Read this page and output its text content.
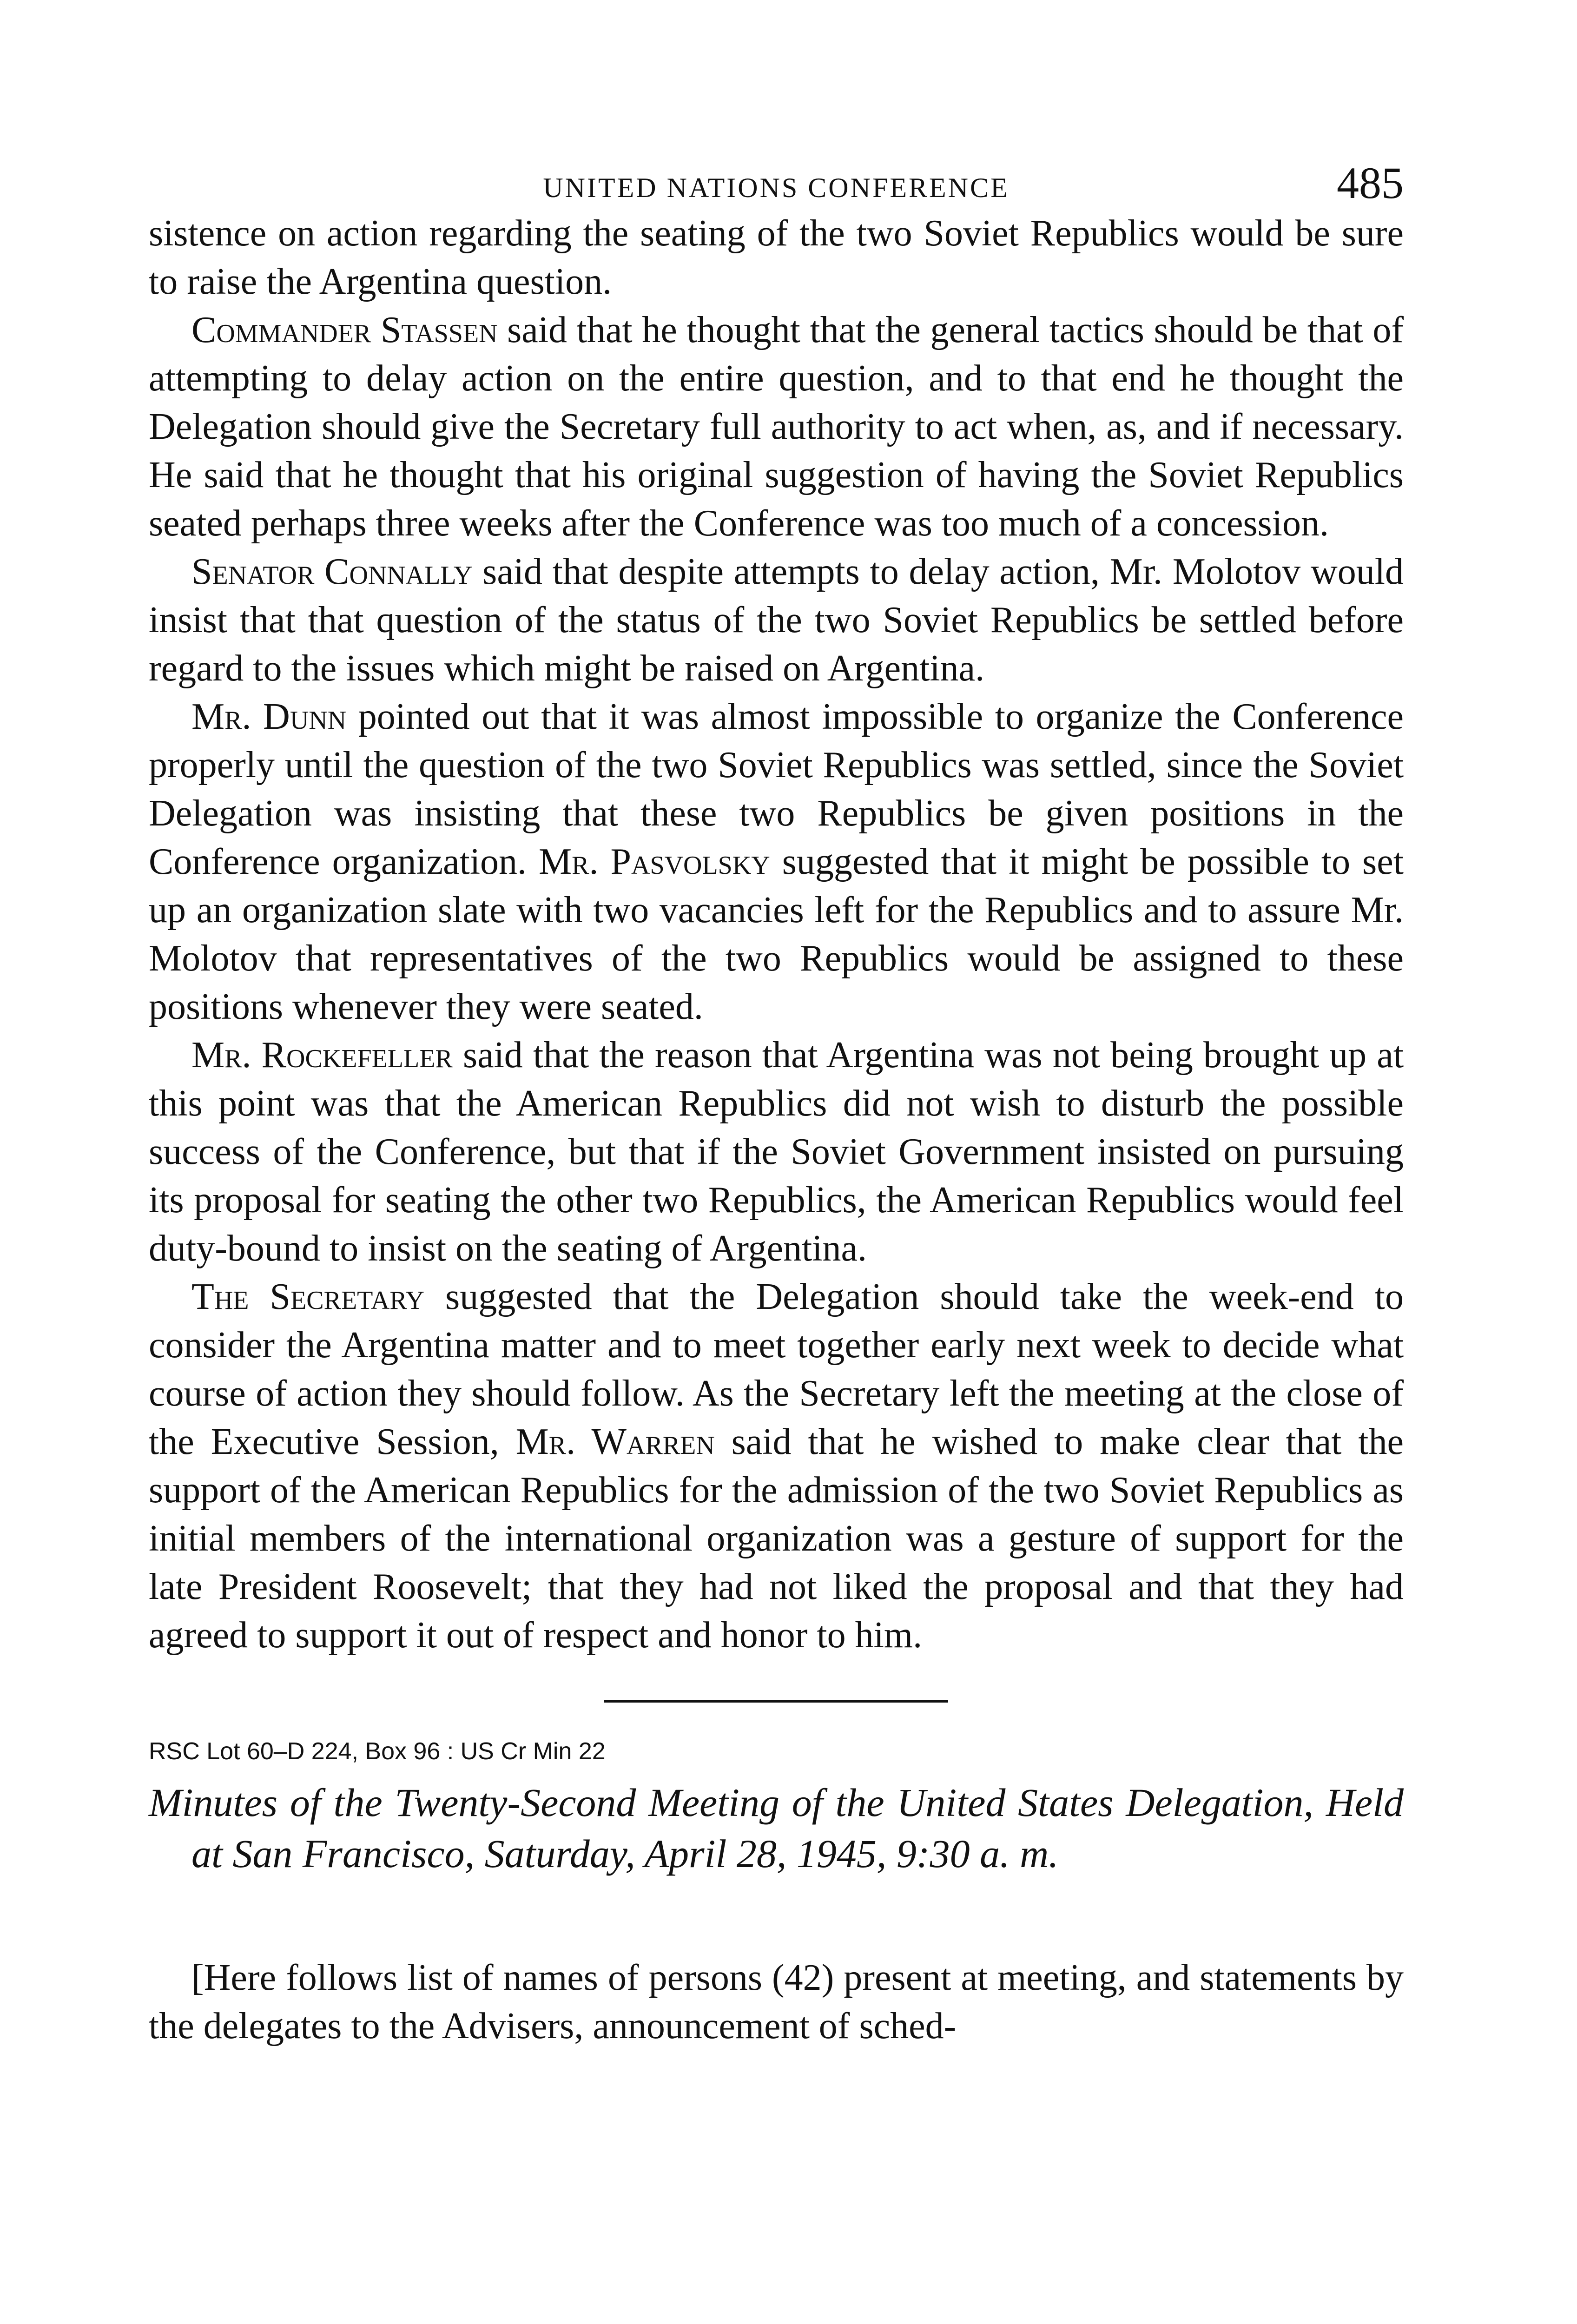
UNITED NATIONS CONFERENCE	485

sistence on action regarding the seating of the two Soviet Republics would be sure to raise the Argentina question.

Commander Stassen said that he thought that the general tactics should be that of attempting to delay action on the entire question, and to that end he thought the Delegation should give the Secretary full authority to act when, as, and if necessary. He said that he thought that his original suggestion of having the Soviet Republics seated perhaps three weeks after the Conference was too much of a concession.

Senator Connally said that despite attempts to delay action, Mr. Molotov would insist that that question of the status of the two Soviet Republics be settled before regard to the issues which might be raised on Argentina.

Mr. Dunn pointed out that it was almost impossible to organize the Conference properly until the question of the two Soviet Republics was settled, since the Soviet Delegation was insisting that these two Republics be given positions in the Conference organization. Mr. Pasvolsky suggested that it might be possible to set up an organization slate with two vacancies left for the Republics and to assure Mr. Molotov that representatives of the two Republics would be assigned to these positions whenever they were seated.

Mr. Rockefeller said that the reason that Argentina was not being brought up at this point was that the American Republics did not wish to disturb the possible success of the Conference, but that if the Soviet Government insisted on pursuing its proposal for seating the other two Republics, the American Republics would feel duty-bound to insist on the seating of Argentina.

The Secretary suggested that the Delegation should take the week-end to consider the Argentina matter and to meet together early next week to decide what course of action they should follow. As the Secretary left the meeting at the close of the Executive Session, Mr. Warren said that he wished to make clear that the support of the American Republics for the admission of the two Soviet Republics as initial members of the international organization was a gesture of support for the late President Roosevelt; that they had not liked the proposal and that they had agreed to support it out of respect and honor to him.

RSC Lot 60–D 224, Box 96 : US Cr Min 22

Minutes of the Twenty-Second Meeting of the United States Delegation, Held at San Francisco, Saturday, April 28, 1945, 9:30 a. m.

[Here follows list of names of persons (42) present at meeting, and statements by the delegates to the Advisers, announcement of sched-
